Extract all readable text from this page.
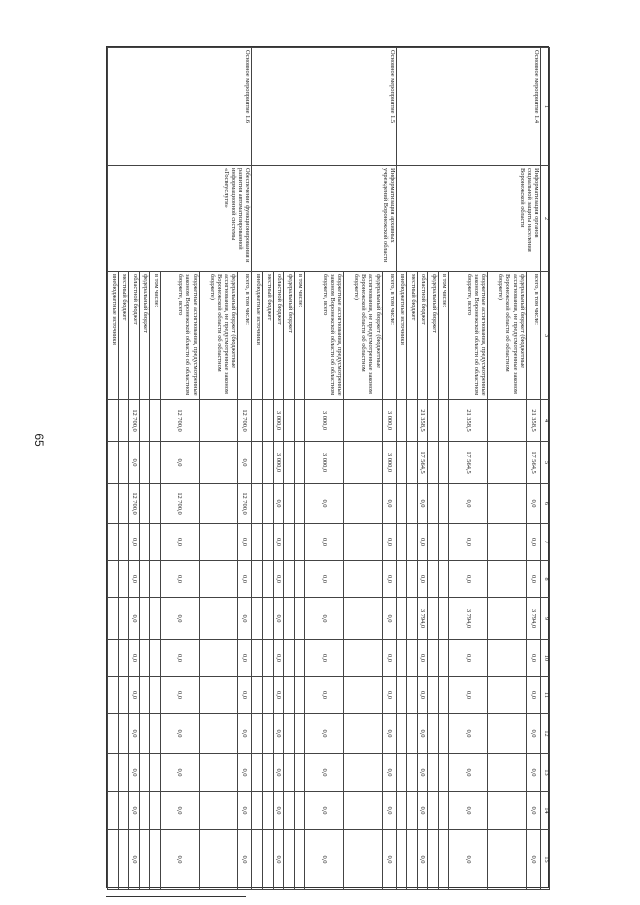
65
1	2	3	4	5	6	7	8	9	10	11	12	13	14	15
Основное мероприятие 1.4	Информатизация органов социальной защиты населения Воронежской области	всего, в том числе:	21 358,5	17 564,5	0,0	0,0	0,0	3 794,0	0,0	0,0	0,0	0,0	0,0	0,0
		федеральный бюджет (бюджетные ассигнования, не предусмотренные законом Воронежской области об областном бюджете)												
		бюджетные ассигнования, предусмотренные законом Воронежской области об областном бюджете, всего	21 358,5	17 564,5	0,0	0,0	0,0	3 794,0	0,0	0,0	0,0	0,0	0,0	0,0
		в том числе:												
		федеральный бюджет												
		областной бюджет	21 358,5	17 564,5	0,0	0,0	0,0	3 794,0	0,0	0,0	0,0	0,0	0,0	0,0
		местный бюджет												
		внебюджетные источники												
Основное мероприятие 1.5	Информатизация архивных учреждений Воронежской области	всего, в том числе:	3 000,0	3 000,0	0,0	0,0	0,0	0,0	0,0	0,0	0,0	0,0	0,0	0,0
		федеральный бюджет (бюджетные ассигнования, не предусмотренные законом Воронежской области об областном бюджете)												
		бюджетные ассигнования, предусмотренные законом Воронежской области об областном бюджете, всего	3 000,0	3 000,0	0,0	0,0	0,0	0,0	0,0	0,0	0,0	0,0	0,0	0,0
		в том числе:												
		федеральный бюджет												
		областной бюджет	3 000,0	3 000,0	0,0	0,0	0,0	0,0	0,0	0,0	0,0	0,0	0,0	0,0
		местный бюджет												
		внебюджетные источники												
Основное мероприятие 1.6	Обеспечение функционирования и развития автоматизированной информационной системы «Госвеуслуги»	всего, в том числе:	12 700,0	0,0	12 700,0	0,0	0,0	0,0	0,0	0,0	0,0	0,0	0,0	0,0
		федеральный бюджет (бюджетные ассигнования, не предусмотренные законом Воронежской области об областном бюджете)												
		бюджетные ассигнования, предусмотренные законом Воронежской области об областном бюджете, всего	12 700,0	0,0	12 700,0	0,0	0,0	0,0	0,0	0,0	0,0	0,0	0,0	0,0
		в том числе:												
		федеральный бюджет												
		областной бюджет	12 700,0	0,0	12 700,0	0,0	0,0	0,0	0,0	0,0	0,0	0,0	0,0	0,0
		местный бюджет												
		внебюджетные источники												
